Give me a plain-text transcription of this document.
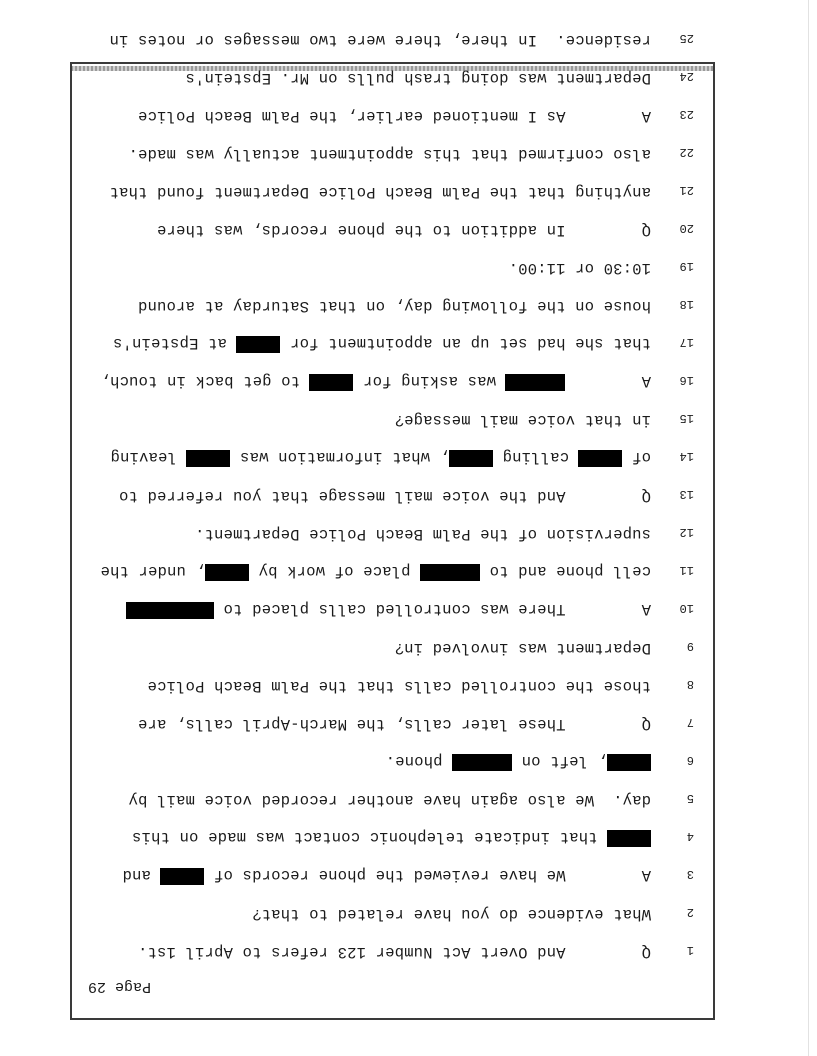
Page 29
1
Q        And Overt Act Number 123 refers to April 1st.
2
What evidence do you have related to that?
3
A        We have reviewed the phone records of  and
4
that indicate telephonic contact was made on this
5
day.  We also again have another recorded voice mail by
6
, left on  phone.
7
Q        These later calls, the March-April calls, are
8
those the controlled calls that the Palm Beach Police
9
Department was involved in?
10
A        There was controlled calls placed to
11
cell phone and to  place of work by , under the
12
supervision of the Palm Beach Police Department.
13
Q        And the voice mail message that you referred to
14
of  calling , what information was  leaving
15
in that voice mail message?
16
A         was asking for  to get back in touch,
17
that she had set up an appointment for  at Epstein's
18
house on the following day, on that Saturday at around
19
10:30 or 11:00.
20
Q        In addition to the phone records, was there
21
anything that the Palm Beach Police Department found that
22
also confirmed that this appointment actually was made.
23
A        As I mentioned earlier, the Palm Beach Police
24
Department was doing trash pulls on Mr. Epstein's
25
residence.  In there, there were two messages or notes in
